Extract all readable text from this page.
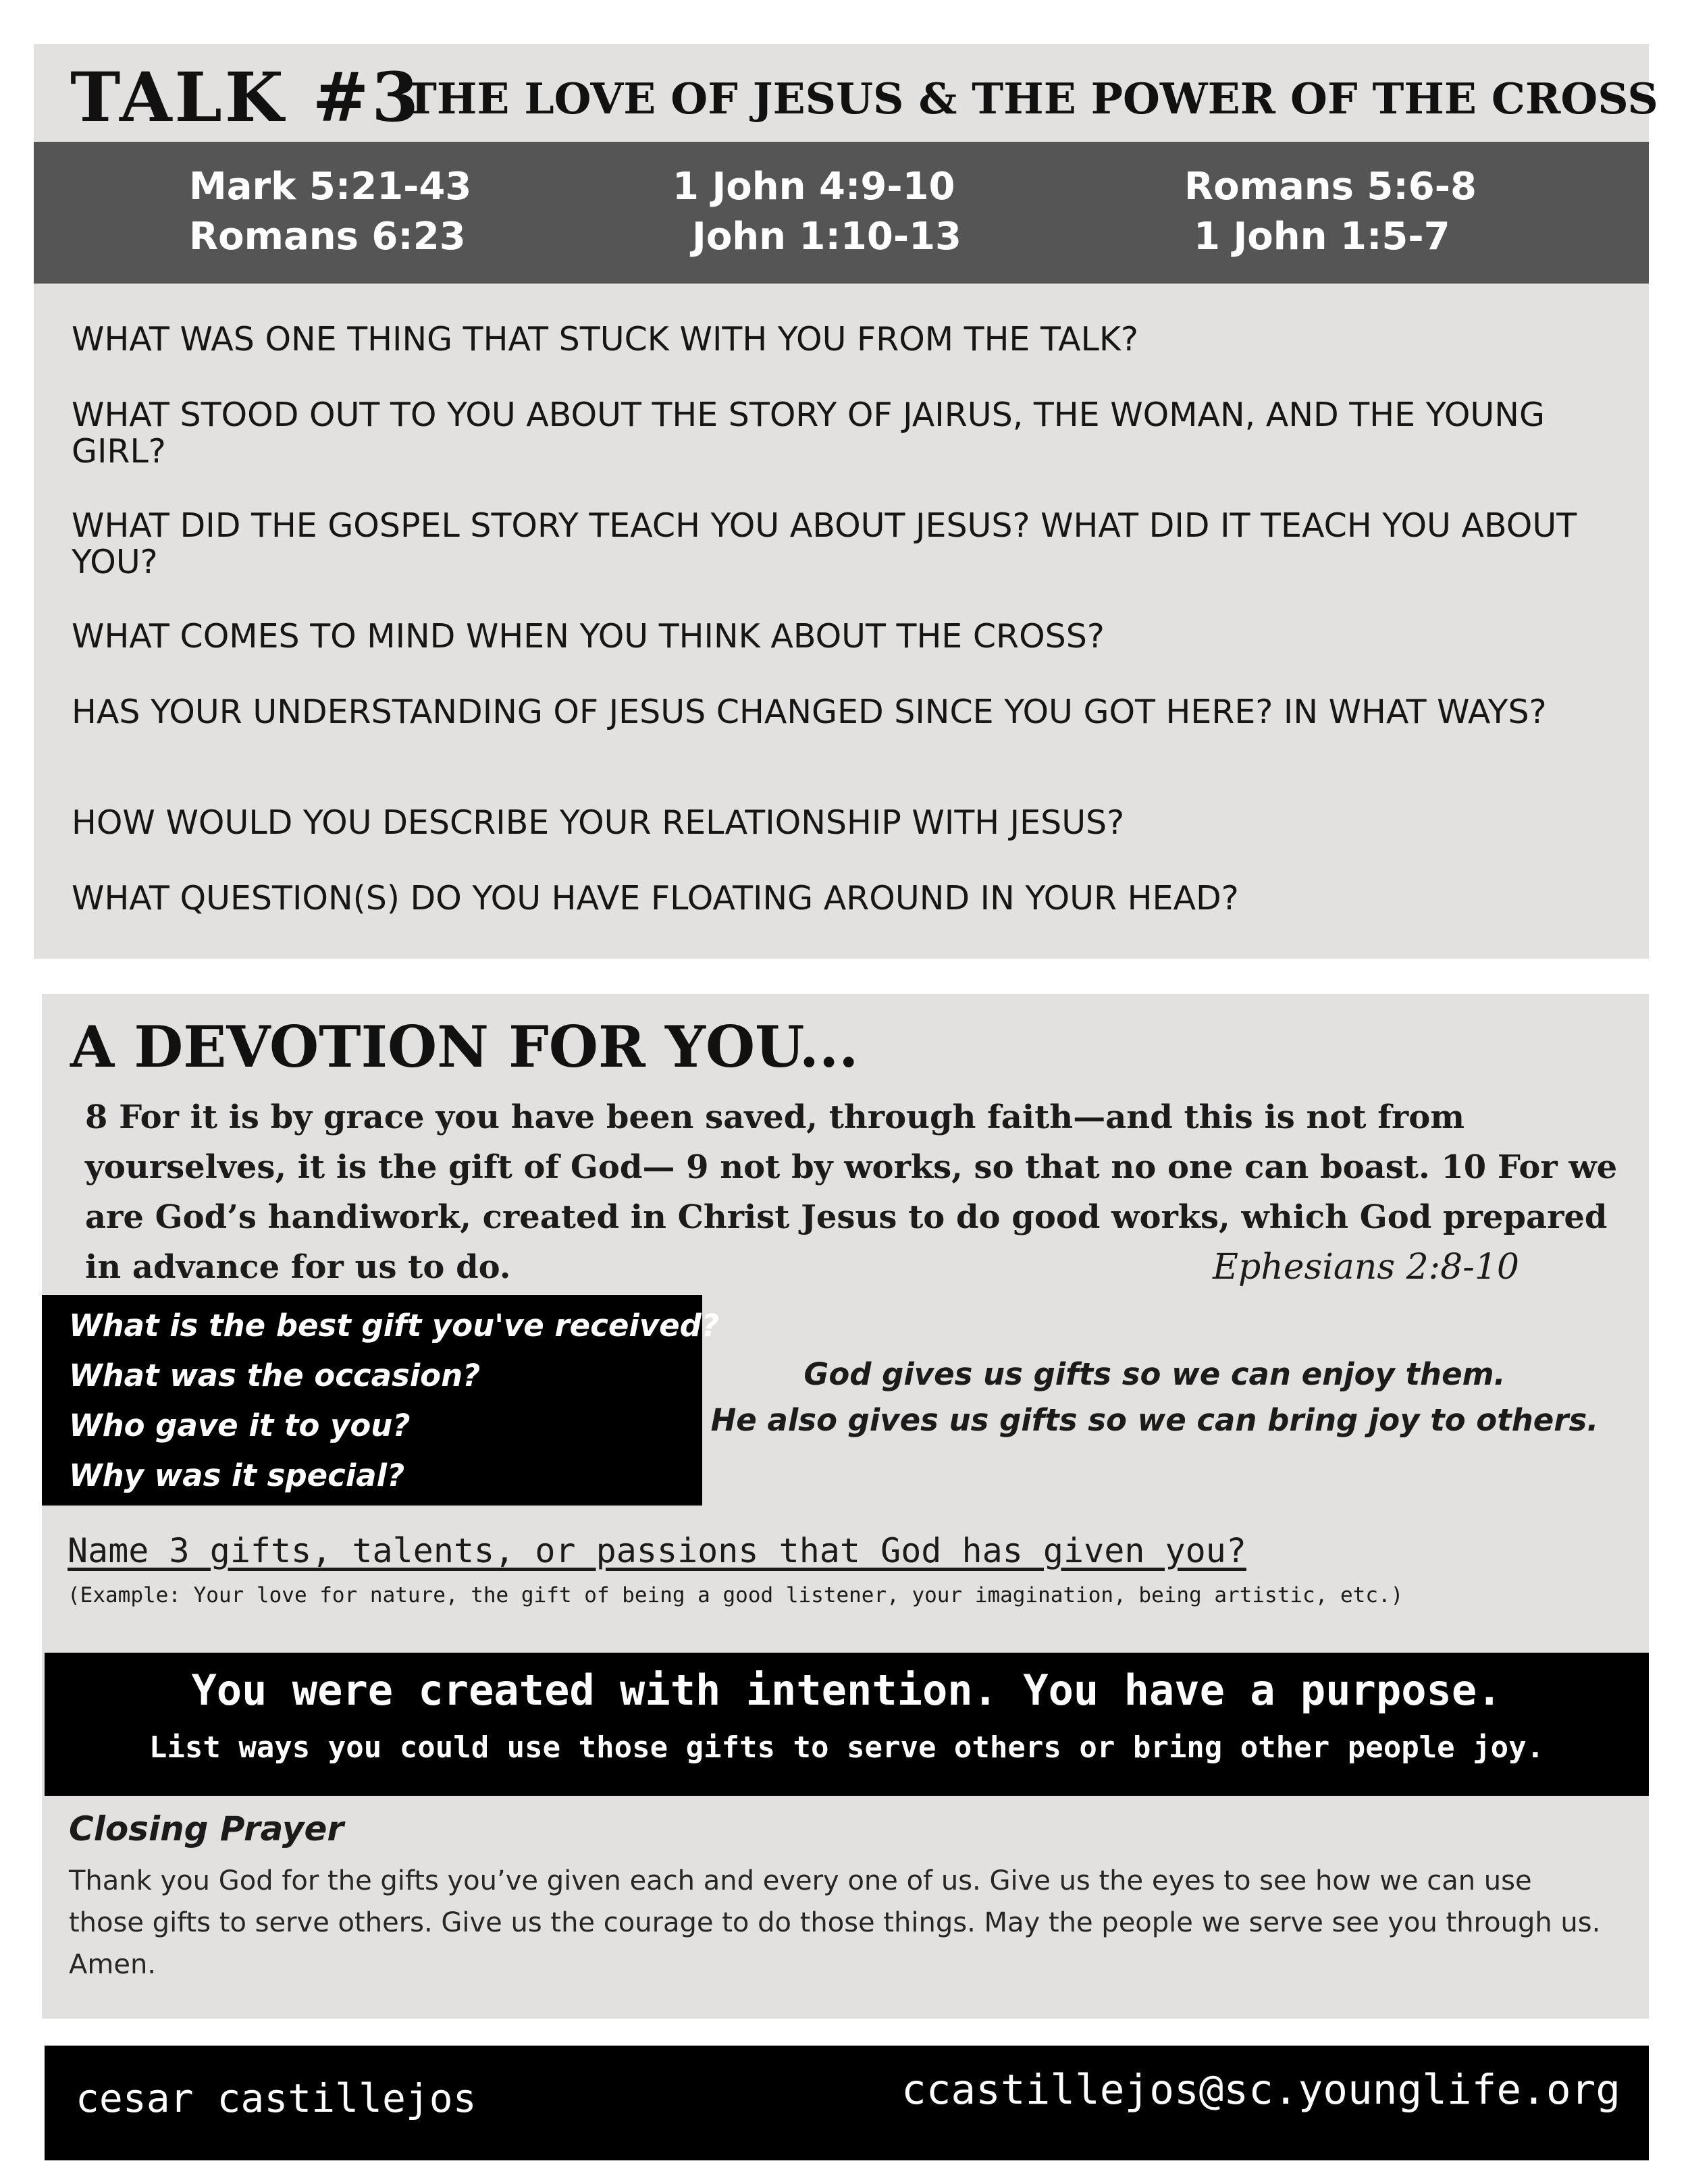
TALK #3
THE LOVE OF JESUS & THE POWER OF THE CROSS
Mark 5:21-43	1 John 4:9-10	Romans 5:6-8
Romans 6:23	John 1:10-13	1 John 1:5-7
WHAT WAS ONE THING THAT STUCK WITH YOU FROM THE TALK?
WHAT STOOD OUT TO YOU ABOUT THE STORY OF JAIRUS, THE WOMAN, AND THE YOUNG GIRL?
WHAT DID THE GOSPEL STORY TEACH YOU ABOUT JESUS? WHAT DID IT TEACH YOU ABOUT YOU?
WHAT COMES TO MIND WHEN YOU THINK ABOUT THE CROSS?
HAS YOUR UNDERSTANDING OF JESUS CHANGED SINCE YOU GOT HERE? IN WHAT WAYS?
HOW WOULD YOU DESCRIBE YOUR RELATIONSHIP WITH JESUS?
WHAT QUESTION(S) DO YOU HAVE FLOATING AROUND IN YOUR HEAD?
A DEVOTION FOR YOU...
8 For it is by grace you have been saved, through faith—and this is not from yourselves, it is the gift of God— 9 not by works, so that no one can boast. 10 For we are God’s handiwork, created in Christ Jesus to do good works, which God prepared in advance for us to do.	Ephesians 2:8-10
What is the best gift you've received?
What was the occasion?
Who gave it to you?
Why was it special?
God gives us gifts so we can enjoy them.
He also gives us gifts so we can bring joy to others.
Name 3 gifts, talents, or passions that God has given you?
(Example: Your love for nature, the gift of being a good listener, your imagination, being artistic, etc.)
You were created with intention. You have a purpose.
List ways you could use those gifts to serve others or bring other people joy.
Closing Prayer
Thank you God for the gifts you’ve given each and every one of us. Give us the eyes to see how we can use those gifts to serve others. Give us the courage to do those things. May the people we serve see you through us. Amen.
cesar castillejos	ccastillejos@sc.younglife.org
